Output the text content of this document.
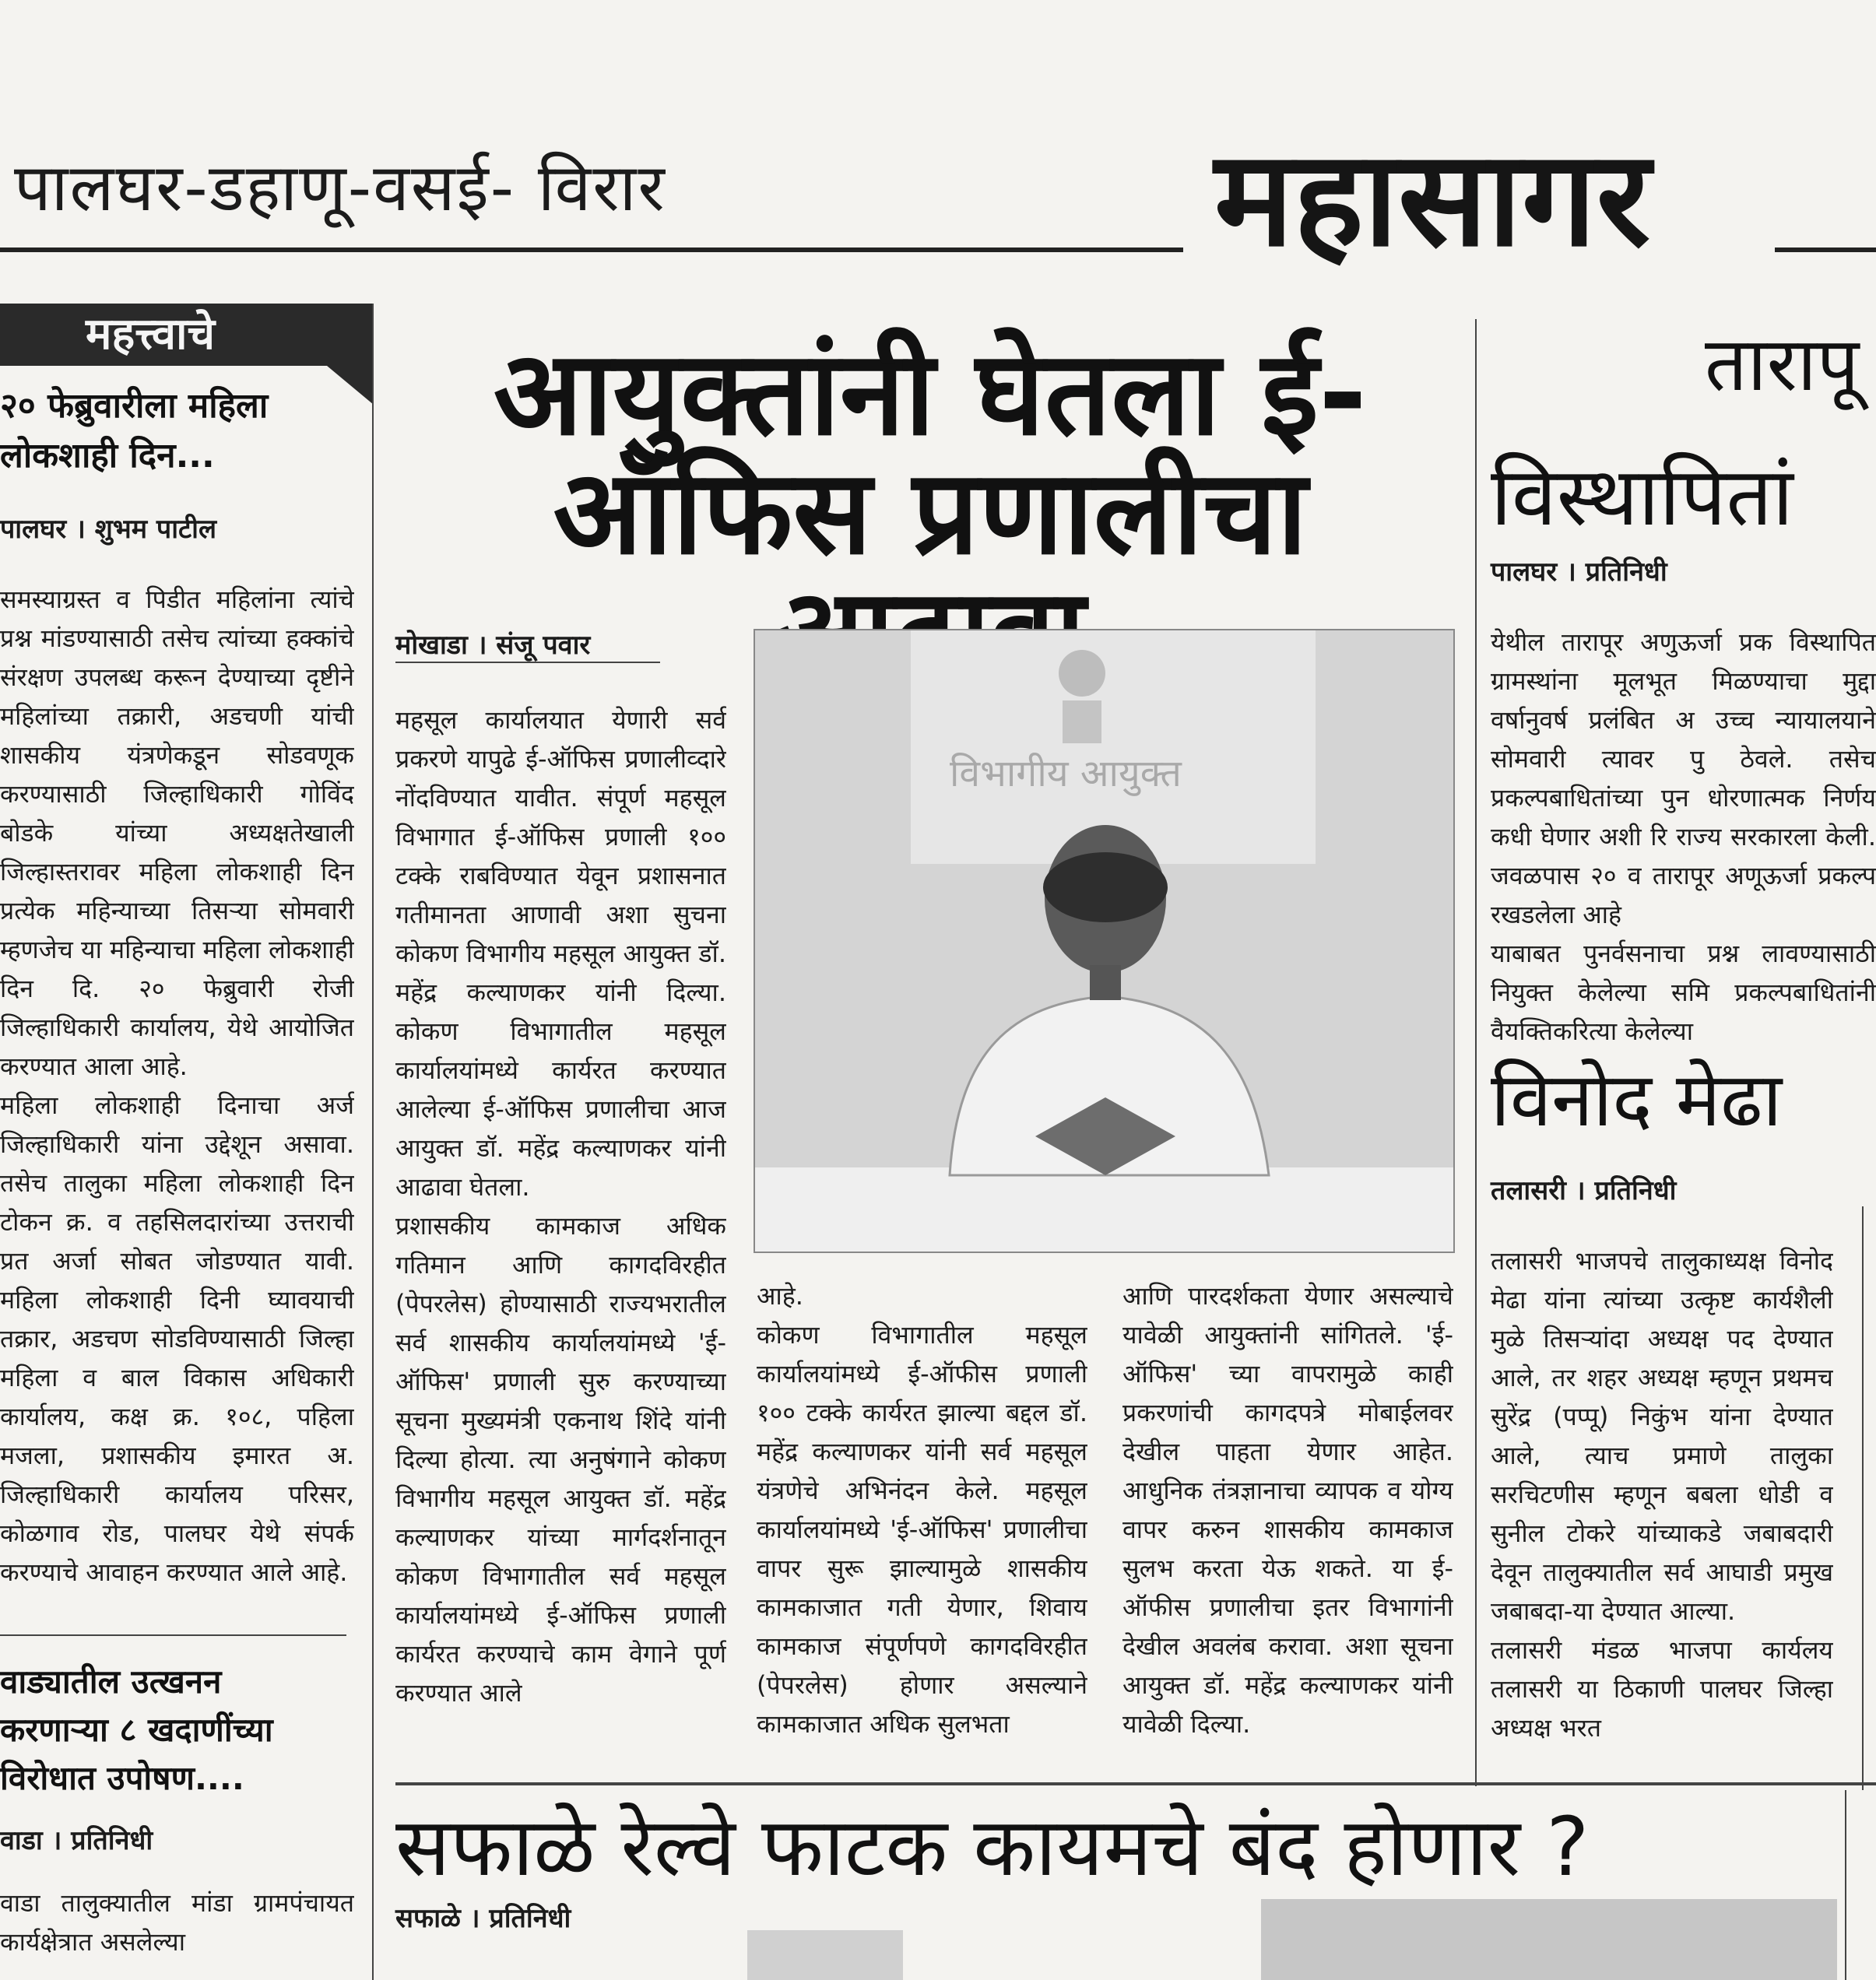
पालघर-डहाणू-वसई- विरार	महासागर
महत्त्वाचे
२० फेब्रुवारीला महिला
लोकशाही दिन...
पालघर । शुभम पाटील
समस्याग्रस्त व पिडीत महिलांना त्यांचे प्रश्न मांडण्यासाठी तसेच त्यांच्या हक्कांचे संरक्षण उपलब्ध करून देण्याच्या दृष्टीने महिलांच्या तक्रारी, अडचणी यांची शासकीय यंत्रणेकडून सोडवणूक करण्यासाठी जिल्हाधिकारी गोविंद बोडके यांच्या अध्यक्षतेखाली जिल्हास्तरावर महिला लोकशाही दिन प्रत्येक महिन्याच्या तिसऱ्या सोमवारी म्हणजेच या महिन्याचा महिला लोकशाही दिन दि. २० फेब्रुवारी रोजी जिल्हाधिकारी कार्यालय, येथे आयोजित करण्यात आला आहे.
महिला लोकशाही दिनाचा अर्ज जिल्हाधिकारी यांना उद्देशून असावा. तसेच तालुका महिला लोकशाही दिन टोकन क्र. व तहसिलदारांच्या उत्तराची प्रत अर्जा सोबत जोडण्यात यावी. महिला लोकशाही दिनी घ्यावयाची तक्रार, अडचण सोडविण्यासाठी जिल्हा महिला व बाल विकास अधिकारी कार्यालय, कक्ष क्र. १०८, पहिला मजला, प्रशासकीय इमारत अ. जिल्हाधिकारी कार्यालय परिसर, कोळगाव रोड, पालघर येथे संपर्क करण्याचे आवाहन करण्यात आले आहे.
वाड्यातील उत्खनन
करणाऱ्या ८ खदाणींच्या
विरोधात उपोषण....
वाडा । प्रतिनिधी
वाडा तालुक्यातील मांडा ग्रामपंचायत कार्यक्षेत्रात असलेल्या
आयुक्तांनी घेतला ई-
ऑफिस प्रणालीचा
मोखाडा । संजू पवार
महसूल कार्यालयात येणारी सर्व प्रकरणे यापुढे ई-ऑफिस प्रणालीव्दारे नोंदविण्यात यावीत. संपूर्ण महसूल विभागात ई-ऑफिस प्रणाली १०० टक्के राबविण्यात येवून प्रशासनात गतीमानता आणावी अशा सुचना कोकण विभागीय महसूल आयुक्त डॉ. महेंद्र कल्याणकर यांनी दिल्या. कोकण विभागातील महसूल कार्यालयांमध्ये कार्यरत करण्यात आलेल्या ई-ऑफिस प्रणालीचा आज आयुक्त डॉ. महेंद्र कल्याणकर यांनी आढावा घेतला.
प्रशासकीय कामकाज अधिक गतिमान आणि कागदविरहीत (पेपरलेस) होण्यासाठी राज्यभरातील सर्व शासकीय कार्यालयांमध्ये 'ई-ऑफिस' प्रणाली सुरु करण्याच्या सूचना मुख्यमंत्री एकनाथ शिंदे यांनी दिल्या होत्या. त्या अनुषंगाने कोकण विभागीय महसूल आयुक्त डॉ. महेंद्र कल्याणकर यांच्या मार्गदर्शनातून कोकण विभागातील सर्व महसूल कार्यालयांमध्ये ई-ऑफिस प्रणाली कार्यरत करण्याचे काम वेगाने पूर्ण करण्यात आले
विभागीय आयुक्त
आहे.
कोकण विभागातील महसूल कार्यालयांमध्ये ई-ऑफीस प्रणाली १०० टक्के कार्यरत झाल्या बद्दल डॉ. महेंद्र कल्याणकर यांनी सर्व महसूल यंत्रणेचे अभिनंदन केले. महसूल कार्यालयांमध्ये 'ई-ऑफिस' प्रणालीचा वापर सुरू झाल्यामुळे शासकीय कामकाजात गती येणार, शिवाय कामकाज संपूर्णपणे कागदविरहीत (पेपरलेस) होणार असल्याने कामकाजात अधिक सुलभता
आणि पारदर्शकता येणार असल्याचे यावेळी आयुक्तांनी सांगितले. 'ई-ऑफिस' च्या वापरामुळे काही प्रकरणांची कागदपत्रे मोबाईलवर देखील पाहता येणार आहेत. आधुनिक तंत्रज्ञानाचा व्यापक व योग्य वापर करुन शासकीय कामकाज सुलभ करता येऊ शकते. या ई-ऑफीस प्रणालीचा इतर विभागांनी देखील अवलंब करावा. अशा सूचना आयुक्त डॉ. महेंद्र कल्याणकर यांनी यावेळी दिल्या.
तारापू
विस्थापितां
पालघर । प्रतिनिधी
येथील तारापूर अणुऊर्जा प्रक विस्थापित ग्रामस्थांना मूलभूत मिळण्याचा मुद्दा वर्षानुवर्ष प्रलंबित अ उच्च न्यायालयाने सोमवारी त्यावर पु ठेवले. तसेच प्रकल्पबाधितांच्या पुन धोरणात्मक निर्णय कधी घेणार अशी रि राज्य सरकारला केली. जवळपास २० व तारापूर अणूऊर्जा प्रकल्प रखडलेला आहे
याबाबत पुनर्वसनाचा प्रश्न लावण्यासाठी नियुक्त केलेल्या समि प्रकल्पबाधितांनी वैयक्तिकरित्या केलेल्या
विनोद मेढा
तलासरी । प्रतिनिधी
तलासरी भाजपचे तालुकाध्यक्ष विनोद मेढा यांना त्यांच्या उत्कृष्ट कार्यशैली मुळे तिसऱ्यांदा अध्यक्ष पद देण्यात आले, तर शहर अध्यक्ष म्हणून प्रथमच सुरेंद्र (पप्पू) निकुंभ यांना देण्यात आले, त्याच प्रमाणे तालुका सरचिटणीस म्हणून बबला धोडी व सुनील टोकरे यांच्याकडे जबाबदारी देवून तालुक्यातील सर्व आघाडी प्रमुख जबाबदा-या देण्यात आल्या.
तलासरी मंडळ भाजपा कार्यलय तलासरी या ठिकाणी पालघर जिल्हा अध्यक्ष भरत
सफाळे रेल्वे फाटक कायमचे बंद होणार ?
सफाळे । प्रतिनिधी
